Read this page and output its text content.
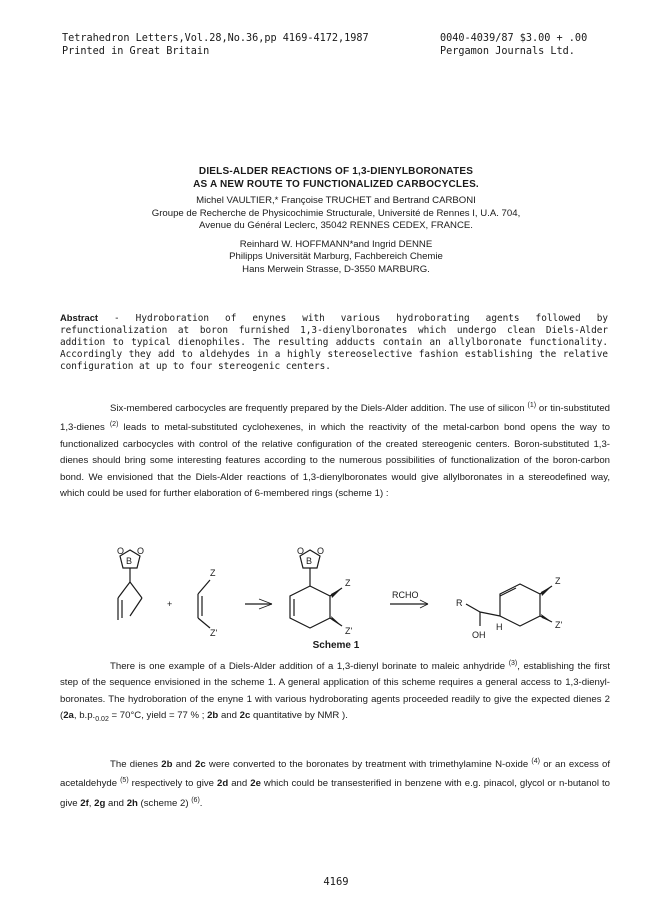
Tetrahedron Letters,Vol.28,No.36,pp 4169-4172,1987
Printed in Great Britain
0040-4039/87 $3.00 + .00
Pergamon Journals Ltd.
DIELS-ALDER REACTIONS OF 1,3-DIENYLBORONATES
AS A NEW ROUTE TO FUNCTIONALIZED CARBOCYCLES.
Michel VAULTIER,* Françoise TRUCHET and Bertrand CARBONI
Groupe de Recherche de Physicochimie Structurale, Université de Rennes I, U.A. 704,
Avenue du Général Leclerc, 35042 RENNES CEDEX, FRANCE.
Reinhard W. HOFFMANN*and Ingrid DENNE
Philipps Universität Marburg, Fachbereich Chemie
Hans Merwein Strasse, D-3550 MARBURG.
Abstract - Hydroboration of enynes with various hydroborating agents followed by refunctionalization at boron furnished 1,3-dienylboronates which undergo clean Diels-Alder addition to typical dienophiles. The resulting adducts contain an allylboronate functionality. Accordingly they add to aldehydes in a highly stereoselective fashion establishing the relative configuration at up to four stereogenic centers.
Six-membered carbocycles are frequently prepared by the Diels-Alder addition. The use of silicon $^{(1)}$ or tin-substituted 1,3-dienes $^{(2)}$ leads to metal-substituted cyclohexenes, in which the reactivity of the metal-carbon bond opens the way to functionalized carbocycles with control of the relative configuration of the created stereogenic centers. Boron-substituted 1,3-dienes should bring some interesting features according to the numerous possibilities of functionalization of the boron-carbon bond. We envisioned that the Diels-Alder reactions of 1,3-dienylboronates would give allylboronates in a stereodefined way, which could be used for further elaboration of 6-membered rings (scheme 1) :
O O
B
O O
B
+
Z
Z'
Z
Z'
RCHO
Z
Z'
R
OH
H
Scheme 1
There is one example of a Diels-Alder addition of a 1,3-dienyl borinate to maleic anhydride $^{(3)}$, establishing the first step of the sequence envisioned in the scheme 1. A general application of this scheme requires a general access to 1,3-dienyl-boronates. The hydroboration of the enyne 1 with various hydroborating agents proceeded readily to give the expected dienes 2 (2a, $b.p._{0.02} = 70^\circ C$, yield = 77 % ; 2b and 2c quantitative by NMR ).
The dienes 2b and 2c were converted to the boronates by treatment with trimethylamine N-oxide $^{(4)}$ or an excess of acetaldehyde $^{(5)}$ respectively to give 2d and 2e which could be transesterified in benzene with e.g. pinacol, glycol or n-butanol to give 2f, 2g and 2h (scheme 2) $^{(6)}$.
4169
